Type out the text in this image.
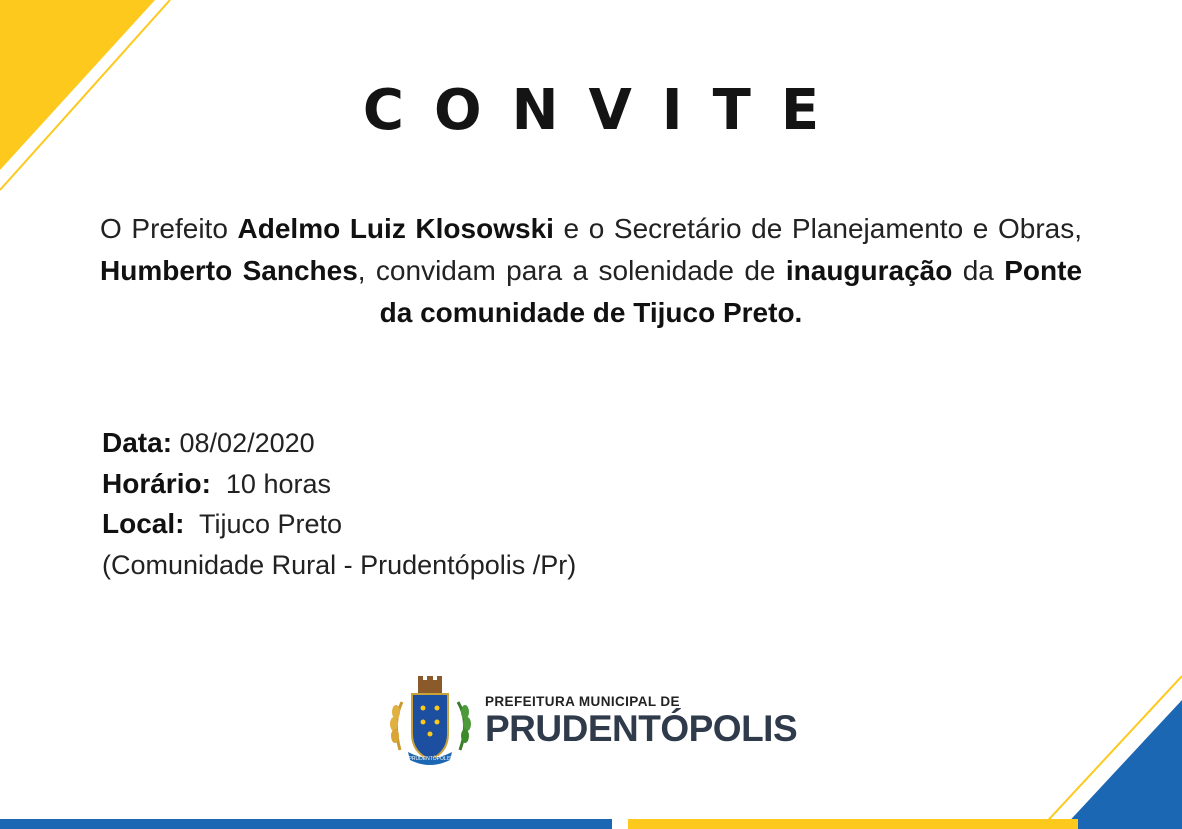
CONVITE
O Prefeito Adelmo Luiz Klosowski e o Secretário de Planejamento e Obras, Humberto Sanches, convidam para a solenidade de inauguração da Ponte da comunidade de Tijuco Preto.
Data: 08/02/2020
Horário:  10 horas
Local:  Tijuco Preto
(Comunidade Rural - Prudentópolis /Pr)
PRUDENTÓPOLIS
PREFEITURA MUNICIPAL DE
PRUDENTÓPOLIS
